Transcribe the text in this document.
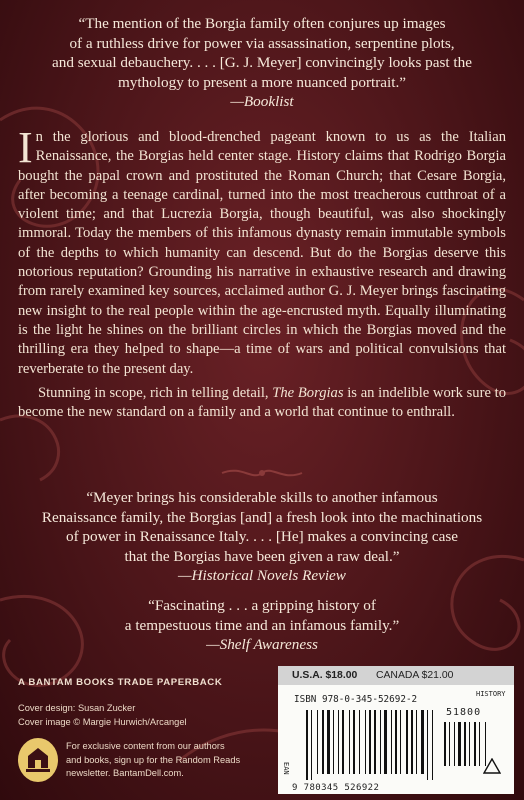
“The mention of the Borgia family often conjures up images
of a ruthless drive for power via assassination, serpentine plots,
and sexual debauchery. . . . [G. J. Meyer] convincingly looks past the
mythology to present a more nuanced portrait.”
—Booklist

In the glorious and blood-drenched pageant known to us as the Italian Renaissance, the Borgias held center stage. History claims that Rodrigo Borgia bought the papal crown and prostituted the Roman Church; that Cesare Borgia, after becoming a teenage cardinal, turned into the most treacherous cutthroat of a violent time; and that Lucrezia Borgia, though beautiful, was also shockingly immoral. Today the members of this infamous dynasty remain immutable symbols of the depths to which humanity can descend. But do the Borgias deserve this notorious reputation? Grounding his narrative in exhaustive research and drawing from rarely examined key sources, acclaimed author G. J. Meyer brings fascinating new insight to the real people within the age-encrusted myth. Equally illuminating is the light he shines on the brilliant circles in which the Borgias moved and the thrilling era they helped to shape—a time of wars and political convulsions that reverberate to the present day.

Stunning in scope, rich in telling detail, The Borgias is an indelible work sure to become the new standard on a family and a world that continue to enthrall.

“Meyer brings his considerable skills to another infamous
Renaissance family, the Borgias [and] a fresh look into the machinations
of power in Renaissance Italy. . . . [He] makes a convincing case
that the Borgias have been given a raw deal.”
—Historical Novels Review

“Fascinating . . . a gripping history of
a tempestuous time and an infamous family.”
—Shelf Awareness

A BANTAM BOOKS TRADE PAPERBACK
Cover design: Susan Zucker
Cover image © Margie Hurwich/Arcangel
For exclusive content from our authors
and books, sign up for the Random Reads
newsletter. BantamDell.com.
U.S.A. $18.00 CANADA $21.00
ISBN 978-0-345-52692-2	HISTORY
51800
EAN
9 780345 526922
